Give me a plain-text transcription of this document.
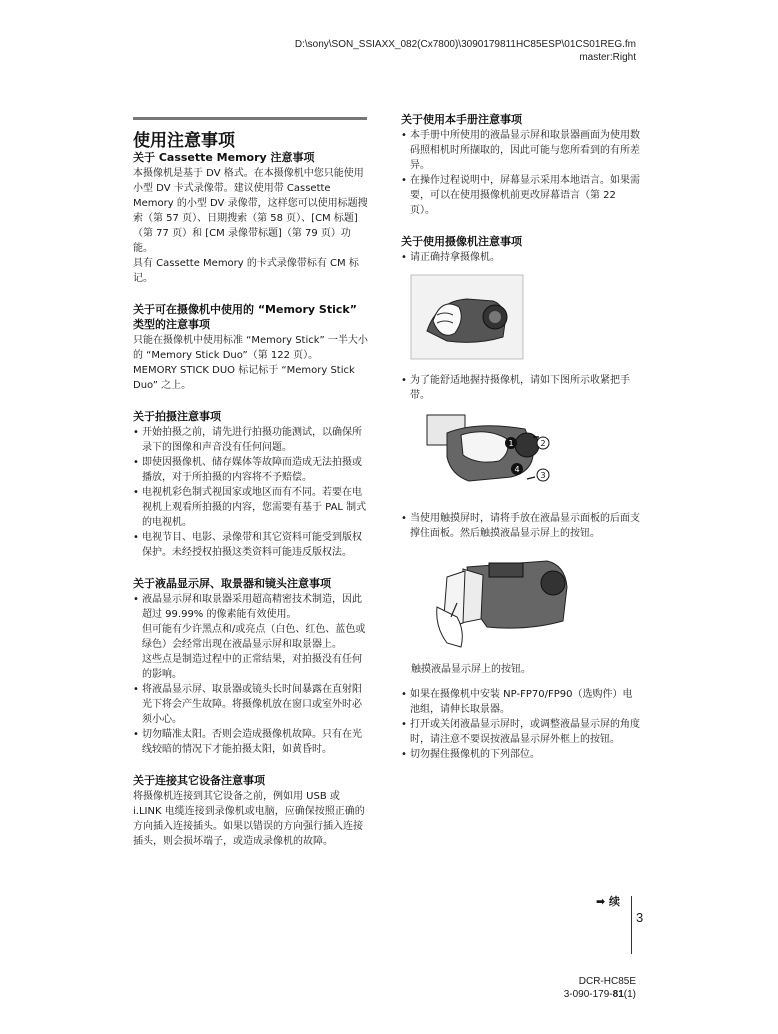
D:\sony\SON_SSIAXX_082(Cx7800)\3090179811HC85ESP\01CS01REG.fm
master:Right
使用注意事项
关于 Cassette Memory 注意事项

本摄像机是基于 DV 格式。在本摄像机中您只能使用小型 DV 卡式录像带。建议使用带 Cassette Memory 的小型 DV 录像带，这样您可以使用标题搜索（第 57 页）、日期搜索（第 58 页）、[CM 标题]（第 77 页）和 [CM 录像带标题]（第 79 页）功能。

具有 Cassette Memory 的卡式录像带标有 CM 标记。

关于可在摄像机中使用的 “Memory Stick” 类型的注意事项

只能在摄像机中使用标准 “Memory Stick” 一半大小的 “Memory Stick Duo”（第 122 页）。

MEMORY STICK DUO 标记标于 “Memory Stick Duo” 之上。

关于拍摄注意事项
• 开始拍摄之前，请先进行拍摄功能测试，以确保所录下的图像和声音没有任何问题。
• 即使因摄像机、储存媒体等故障而造成无法拍摄或播放，对于所拍摄的内容将不予赔偿。
• 电视机彩色制式视国家或地区而有不同。若要在电视机上观看所拍摄的内容，您需要有基于 PAL 制式的电视机。
• 电视节目、电影、录像带和其它资料可能受到版权保护。未经授权拍摄这类资料可能违反版权法。
关于液晶显示屏、取景器和镜头注意事项
• 液晶显示屏和取景器采用超高精密技术制造，因此超过 99.99% 的像素能有效使用。
但可能有少许黑点和/或亮点（白色、红色、蓝色或绿色）会经常出现在液晶显示屏和取景器上。
这些点是制造过程中的正常结果，对拍摄没有任何的影响。
• 将液晶显示屏、取景器或镜头长时间暴露在直射阳光下将会产生故障。将摄像机放在窗口或室外时必须小心。
• 切勿瞄准太阳。否则会造成摄像机故障。只有在光线较暗的情况下才能拍摄太阳，如黄昏时。
关于连接其它设备注意事项

将摄像机连接到其它设备之前，例如用 USB 或 i.LINK 电缆连接到录像机或电脑，应确保按照正确的方向插入连接插头。如果以错误的方向强行插入连接插头，则会损坏端子，或造成录像机的故障。

关于使用本手册注意事项
• 本手册中所使用的液晶显示屏和取景器画面为使用数码照相机时所撷取的，因此可能与您所看到的有所差异。
• 在操作过程说明中，屏幕显示采用本地语言。如果需要，可以在使用摄像机前更改屏幕语言（第 22 页）。
关于使用摄像机注意事项
• 请正确持拿摄像机。
• 为了能舒适地握持摄像机，请如下图所示收紧把手带。
1	2
3
4
• 当使用触摸屏时，请将手放在液晶显示面板的后面支撑住面板。然后触摸液晶显示屏上的按钮。
触摸液晶显示屏上的按钮。
• 如果在摄像机中安装 NP-FP70/FP90（选购件）电池组，请伸长取景器。
• 打开或关闭液晶显示屏时，或调整液晶显示屏的角度时，请注意不要误按液晶显示屏外框上的按钮。
• 切勿握住摄像机的下列部位。
➡ 续
3
DCR-HC85E
3-090-179-81(1)
